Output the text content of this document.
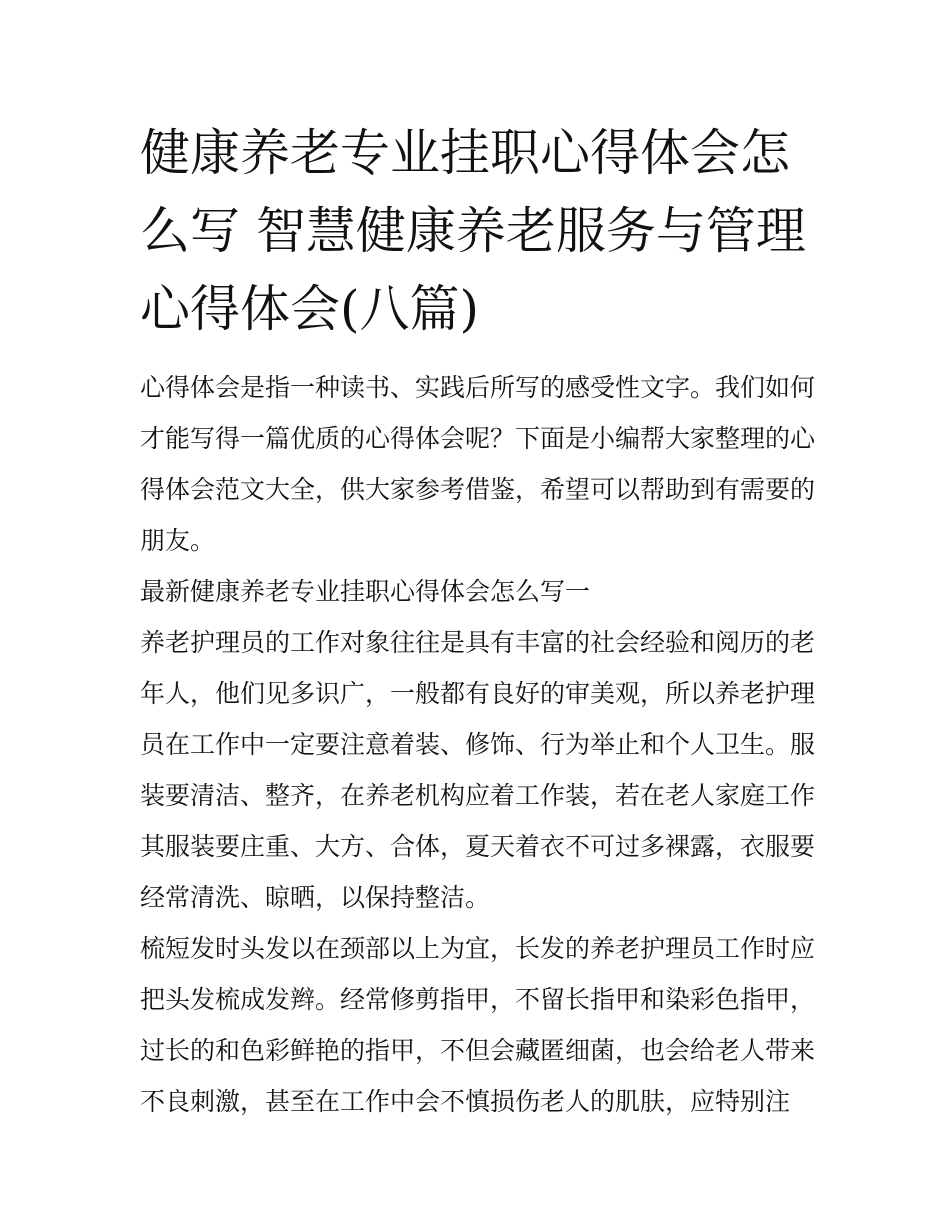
健康养老专业挂职心得体会怎
么写 智慧健康养老服务与管理
心得体会(八篇)
心得体会是指一种读书、实践后所写的感受性文字。我们如何
才能写得一篇优质的心得体会呢？下面是小编帮大家整理的心
得体会范文大全，供大家参考借鉴，希望可以帮助到有需要的
朋友。
最新健康养老专业挂职心得体会怎么写一
养老护理员的工作对象往往是具有丰富的社会经验和阅历的老
年人，他们见多识广，一般都有良好的审美观，所以养老护理
员在工作中一定要注意着装、修饰、行为举止和个人卫生。服
装要清洁、整齐，在养老机构应着工作装，若在老人家庭工作
其服装要庄重、大方、合体，夏天着衣不可过多裸露，衣服要
经常清洗、晾晒，以保持整洁。
梳短发时头发以在颈部以上为宜，长发的养老护理员工作时应
把头发梳成发辫。经常修剪指甲，不留长指甲和染彩色指甲，
过长的和色彩鲜艳的指甲，不但会藏匿细菌，也会给老人带来
不良刺激，甚至在工作中会不慎损伤老人的肌肤，应特别注
